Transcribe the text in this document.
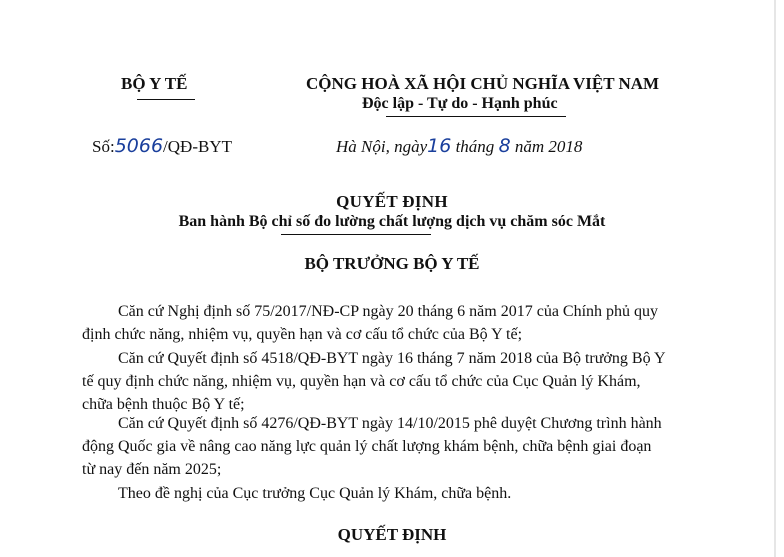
BỘ Y TẾ	CỘNG HOÀ XÃ HỘI CHỦ NGHĨA VIỆT NAM
Độc lập - Tự do - Hạnh phúc
Số:5066/QĐ-BYT	Hà Nội, ngày16 tháng 8 năm 2018
QUYẾT ĐỊNH
Ban hành Bộ chỉ số đo lường chất lượng dịch vụ chăm sóc Mắt
BỘ TRƯỞNG BỘ Y TẾ
Căn cứ Nghị định số 75/2017/NĐ-CP ngày 20 tháng 6 năm 2017 của Chính phủ quy
định chức năng, nhiệm vụ, quyền hạn và cơ cấu tổ chức của Bộ Y tế;
Căn cứ Quyết định số 4518/QĐ-BYT ngày 16 tháng 7 năm 2018 của Bộ trưởng Bộ Y
tế quy định chức năng, nhiệm vụ, quyền hạn và cơ cấu tổ chức của Cục Quản lý Khám,
chữa bệnh thuộc Bộ Y tế;
Căn cứ Quyết định số 4276/QĐ-BYT ngày 14/10/2015 phê duyệt Chương trình hành
động Quốc gia về nâng cao năng lực quản lý chất lượng khám bệnh, chữa bệnh giai đoạn
từ nay đến năm 2025;
Theo đề nghị của Cục trưởng Cục Quản lý Khám, chữa bệnh.
QUYẾT ĐỊNH
